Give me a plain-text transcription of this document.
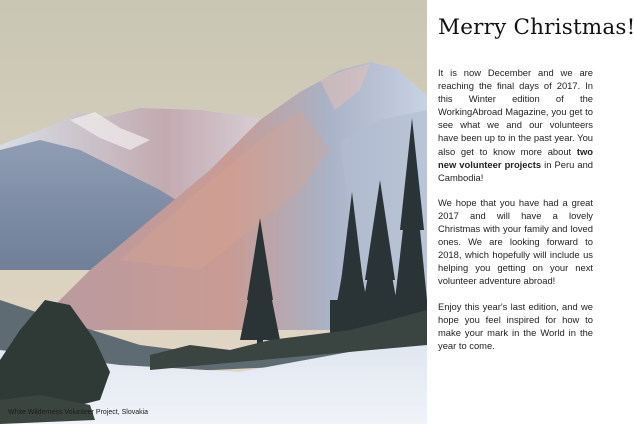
White Wilderness Volunteer Project, Slovakia
Merry Christmas!

It is now December and we are reaching the final days of 2017. In this Winter edition of the WorkingAbroad Magazine, you get to see what we and our volunteers have been up to in the past year. You also get to know more about two new volunteer projects in Peru and Cambodia!

We hope that you have had a great 2017 and will have a lovely Christmas with your family and loved ones. We are looking forward to 2018, which hopefully will include us helping you getting on your next volunteer adventure abroad!

Enjoy this year's last edition, and we hope you feel inspired for how to make your mark in the World in the year to come.
